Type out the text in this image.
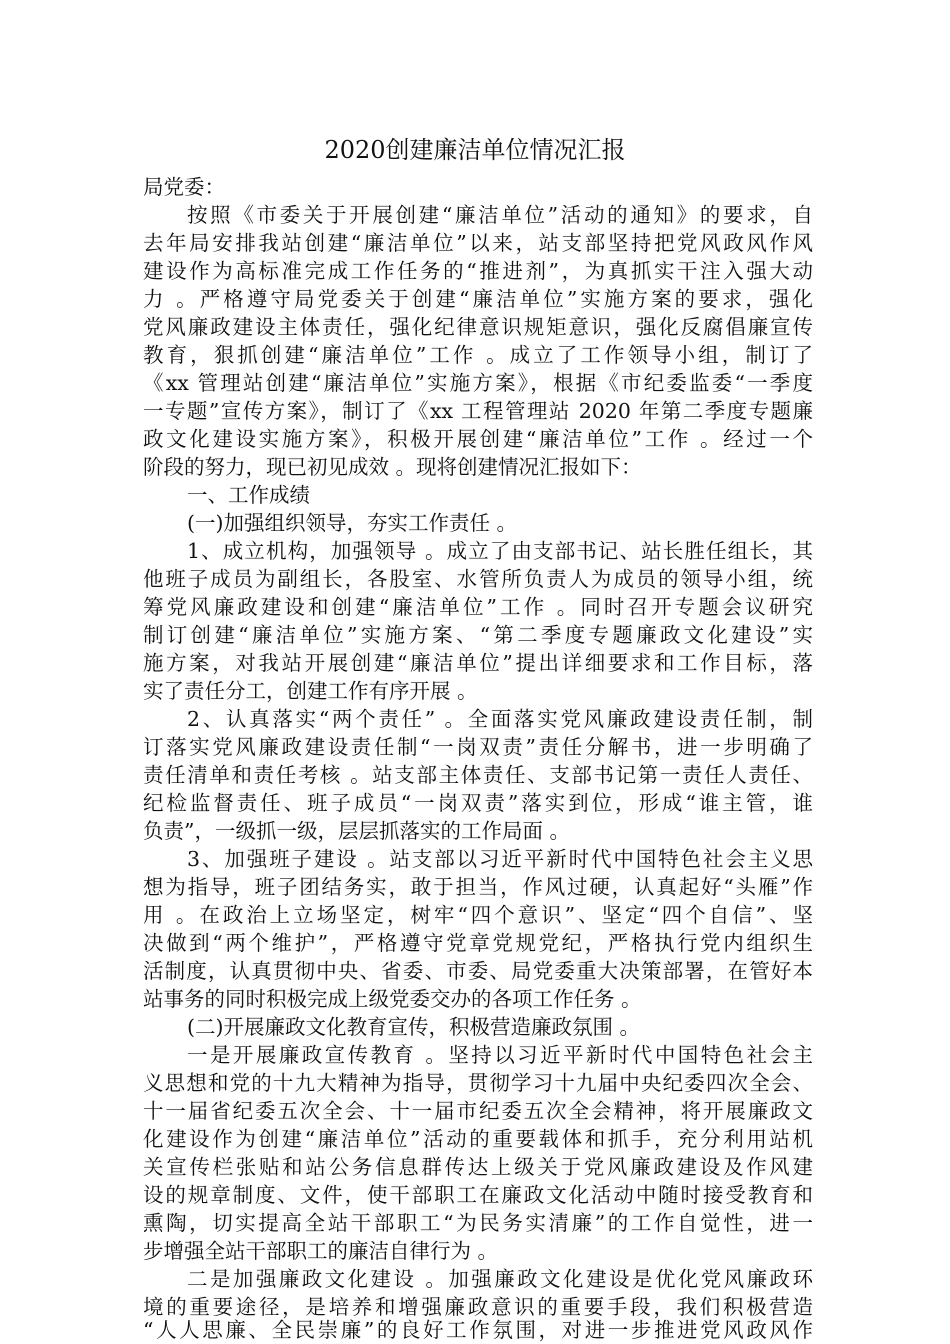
2020创建廉洁单位情况汇报
局党委：
按照《市委关于开展创建“廉洁单位”活动的通知》的要求，自
去年局安排我站创建“廉洁单位”以来，站支部坚持把党风政风作风
建设作为高标准完成工作任务的“推进剂”，为真抓实干注入强大动
力 。严格遵守局党委关于创建“廉洁单位”实施方案的要求，强化
党风廉政建设主体责任，强化纪律意识规矩意识，强化反腐倡廉宣传
教育，狠抓创建“廉洁单位”工作 。成立了工作领导小组，制订了
《xx 管理站创建“廉洁单位”实施方案》，根据《市纪委监委“一季度
一专题”宣传方案》，制订了《xx 工程管理站 2020 年第二季度专题廉
政文化建设实施方案》，积极开展创建“廉洁单位”工作 。经过一个
阶段的努力，现已初见成效 。现将创建情况汇报如下：
一、工作成绩
(一)加强组织领导，夯实工作责任 。
1、成立机构，加强领导 。成立了由支部书记、站长胜任组长，其
他班子成员为副组长，各股室、水管所负责人为成员的领导小组，统
筹党风廉政建设和创建“廉洁单位”工作 。同时召开专题会议研究
制订创建“廉洁单位”实施方案、“第二季度专题廉政文化建设”实
施方案，对我站开展创建“廉洁单位”提出详细要求和工作目标，落
实了责任分工，创建工作有序开展 。
2、认真落实“两个责任” 。全面落实党风廉政建设责任制，制
订落实党风廉政建设责任制“一岗双责”责任分解书，进一步明确了
责任清单和责任考核 。站支部主体责任、支部书记第一责任人责任、
纪检监督责任、班子成员“一岗双责”落实到位，形成“谁主管，谁
负责”，一级抓一级，层层抓落实的工作局面 。
3、加强班子建设 。站支部以习近平新时代中国特色社会主义思
想为指导，班子团结务实，敢于担当，作风过硬，认真起好“头雁”作
用 。在政治上立场坚定，树牢“四个意识”、坚定“四个自信”、坚
决做到“两个维护”，严格遵守党章党规党纪，严格执行党内组织生
活制度，认真贯彻中央、省委、市委、局党委重大决策部署，在管好本
站事务的同时积极完成上级党委交办的各项工作任务 。
(二)开展廉政文化教育宣传，积极营造廉政氛围 。
一是开展廉政宣传教育 。坚持以习近平新时代中国特色社会主
义思想和党的十九大精神为指导，贯彻学习十九届中央纪委四次全会、
十一届省纪委五次全会、十一届市纪委五次全会精神，将开展廉政文
化建设作为创建“廉洁单位”活动的重要载体和抓手，充分利用站机
关宣传栏张贴和站公务信息群传达上级关于党风廉政建设及作风建
设的规章制度、文件，使干部职工在廉政文化活动中随时接受教育和
熏陶，切实提高全站干部职工“为民务实清廉”的工作自觉性，进一
步增强全站干部职工的廉洁自律行为 。
二是加强廉政文化建设 。加强廉政文化建设是优化党风廉政环
境的重要途径，是培养和增强廉政意识的重要手段，我们积极营造
“人人思廉、全民崇廉”的良好工作氛围，对进一步推进党风政风作
